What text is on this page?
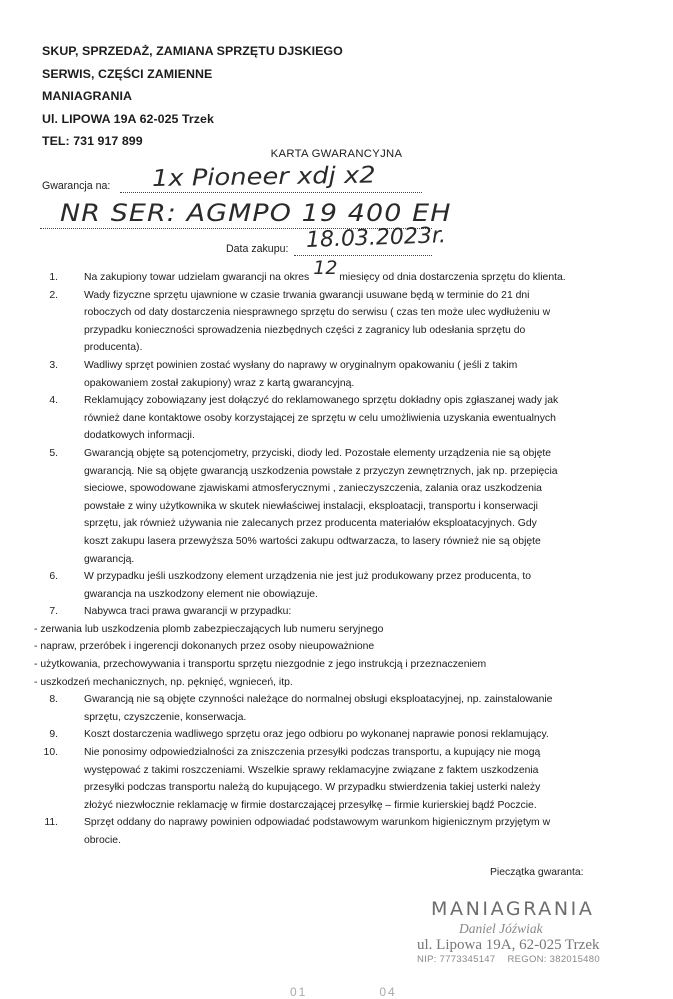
SKUP, SPRZEDAŻ, ZAMIANA SPRZĘTU DJSKIEGO
SERWIS, CZĘŚCI ZAMIENNE
MANIAGRANIA
Ul. LIPOWA 19A 62-025 Trzek
TEL: 731 917 899
KARTA GWARANCYJNA
Gwarancja na: 1x Pioneer xdj x2
NR SER: AGMPO 19 400 EH
Data zakupu: 18.03.2023r.
1.	Na zakupiony towar udzielam gwarancji na okres 12 miesięcy od dnia dostarczenia sprzętu do klienta.
2.	Wady fizyczne sprzętu ujawnione w czasie trwania gwarancji usuwane będą w terminie do 21 dni
roboczych od daty dostarczenia niesprawnego sprzętu do serwisu ( czas ten może ulec wydłużeniu w
przypadku konieczności sprowadzenia niezbędnych części z zagranicy lub odesłania sprzętu do
producenta).
3.	Wadliwy sprzęt powinien zostać wysłany do naprawy w oryginalnym opakowaniu ( jeśli z takim
opakowaniem został zakupiony) wraz z kartą gwarancyjną.
4.	Reklamujący zobowiązany jest dołączyć do reklamowanego sprzętu dokładny opis zgłaszanej wady jak
również dane kontaktowe osoby korzystającej ze sprzętu w celu umożliwienia uzyskania ewentualnych
dodatkowych informacji.
5.	Gwarancją objęte są potencjometry, przyciski, diody led. Pozostałe elementy urządzenia nie są objęte
gwarancją. Nie są objęte gwarancją uszkodzenia powstałe z przyczyn zewnętrznych, jak np. przepięcia
sieciowe, spowodowane zjawiskami atmosferycznymi , zanieczyszczenia, zalania oraz uszkodzenia
powstałe z winy użytkownika w skutek niewłaściwej instalacji, eksploatacji, transportu i konserwacji
sprzętu, jak również używania nie zalecanych przez producenta materiałów eksploatacyjnych. Gdy
koszt zakupu lasera przewyższa 50% wartości zakupu odtwarzacza, to lasery również nie są objęte
gwarancją.
6.	W przypadku jeśli uszkodzony element urządzenia nie jest już produkowany przez producenta, to
gwarancja na uszkodzony element nie obowiązuje.
7.	Nabywca traci prawa gwarancji w przypadku:
- zerwania lub uszkodzenia plomb zabezpieczających lub numeru seryjnego
- napraw, przeróbek i ingerencji dokonanych przez osoby nieupoważnione
- użytkowania, przechowywania i transportu sprzętu niezgodnie z jego instrukcją i przeznaczeniem
- uszkodzeń mechanicznych, np. pęknięć, wgnieceń, itp.
8.	Gwarancją nie są objęte czynności należące do normalnej obsługi eksploatacyjnej, np. zainstalowanie
sprzętu, czyszczenie, konserwacja.
9.	Koszt dostarczenia wadliwego sprzętu oraz jego odbioru po wykonanej naprawie ponosi reklamujący.
10.	Nie ponosimy odpowiedzialności za zniszczenia przesyłki podczas transportu, a kupujący nie mogą
występować z takimi roszczeniami. Wszelkie sprawy reklamacyjne związane z faktem uszkodzenia
przesyłki podczas transportu należą do kupującego. W przypadku stwierdzenia takiej usterki należy
złożyć niezwłocznie reklamację w firmie dostarczającej przesyłkę – firmie kurierskiej bądź Poczcie.
11.	Sprzęt oddany do naprawy powinien odpowiadać podstawowym warunkom higienicznym przyjętym w
obrocie.
Pieczątka gwaranta:
MANIAGRANIA
Daniel Jóźwiak
ul. Lipowa 19A, 62-025 Trzek
NIP: 7773345147 REGON: 382015480
01	04
